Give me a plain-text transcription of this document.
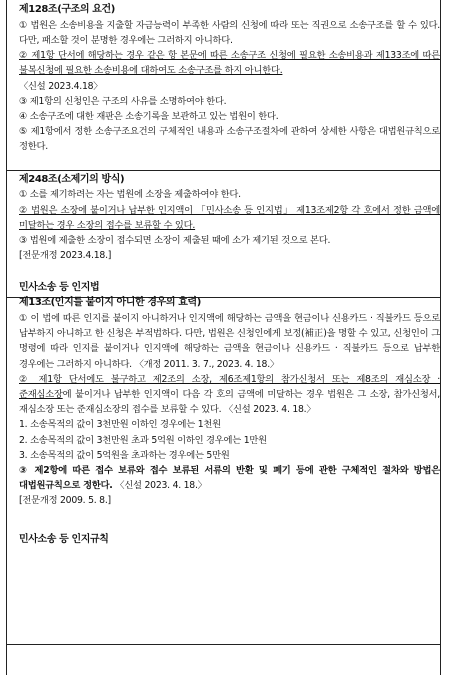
제128조(구조의 요건)

① 법원은 소송비용을 지출할 자금능력이 부족한 사람의 신청에 따라 또는 직권으로 소송구조를 할 수 있다. 다만, 패소할 것이 분명한 경우에는 그러하지 아니하다.

② 제1항 단서에 해당하는 경우 같은 항 본문에 따른 소송구조 신청에 필요한 소송비용과 제133조에 따른 불복신청에 필요한 소송비용에 대하여도 소송구조를 하지 아니한다.

〈신설 2023.4.18〉

③ 제1항의 신청인은 구조의 사유를 소명하여야 한다.

④ 소송구조에 대한 재판은 소송기록을 보관하고 있는 법원이 한다.

⑤ 제1항에서 정한 소송구조요건의 구체적인 내용과 소송구조절차에 관하여 상세한 사항은 대법원규칙으로 정한다.

제248조(소제기의 방식)

① 소를 제기하려는 자는 법원에 소장을 제출하여야 한다.

② 법원은 소장에 붙이거나 납부한 인지액이 「민사소송 등 인지법」 제13조제2항 각 호에서 정한 금액에 미달하는 경우 소장의 접수를 보류할 수 있다.

③ 법원에 제출한 소장이 접수되면 소장이 제출된 때에 소가 제기된 것으로 본다.

[전문개정 2023.4.18.]

민사소송 등 인지법
제13조(인지를 붙이지 아니한 경우의 효력)

① 이 법에 따른 인지를 붙이지 아니하거나 인지액에 해당하는 금액을 현금이나 신용카드 · 직불카드 등으로 납부하지 아니하고 한 신청은 부적법하다. 다만, 법원은 신청인에게 보정(補正)을 명할 수 있고, 신청인이 그 명령에 따라 인지를 붙이거나 인지액에 해당하는 금액을 현금이나 신용카드 · 직불카드 등으로 납부한 경우에는 그러하지 아니하다. 〈개정 2011. 3. 7., 2023. 4. 18.〉

② 제1항 단서에도 불구하고 제2조의 소장, 제6조제1항의 참가신청서 또는 제8조의 재심소장 · 준재심소장에 붙이거나 납부한 인지액이 다음 각 호의 금액에 미달하는 경우 법원은 그 소장, 참가신청서, 재심소장 또는 준재심소장의 접수를 보류할 수 있다. 〈신설 2023. 4. 18.〉

1. 소송목적의 값이 3천만원 이하인 경우에는 1천원

2. 소송목적의 값이 3천만원 초과 5억원 이하인 경우에는 1만원

3. 소송목적의 값이 5억원을 초과하는 경우에는 5만원

③ 제2항에 따른 접수 보류와 접수 보류된 서류의 반환 및 폐기 등에 관한 구체적인 절차와 방법은 대법원규칙으로 정한다. 〈신설 2023. 4. 18.〉

[전문개정 2009. 5. 8.]

민사소송 등 인지규칙
